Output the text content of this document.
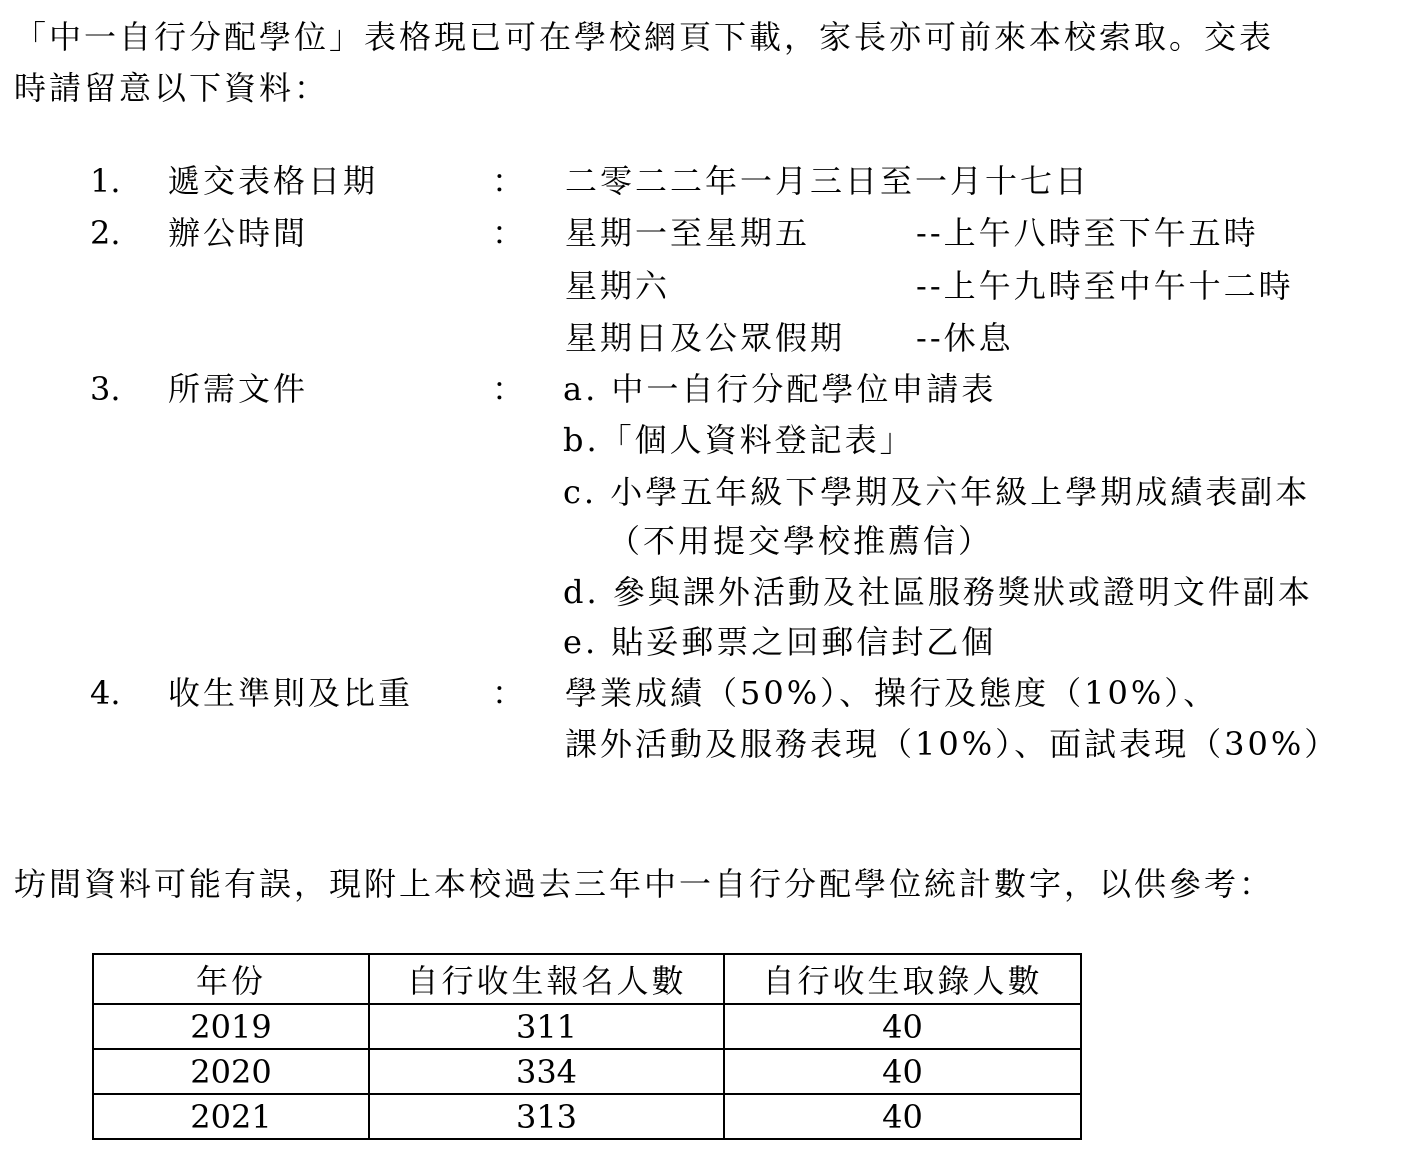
「中一自行分配學位」表格現已可在學校網頁下載，家長亦可前來本校索取。交表
時請留意以下資料：
1. 遞交表格日期	： 二零二二年一月三日至一月十七日
2. 辦公時間	： 星期一至星期五	--上午八時至下午五時
星期六	--上午九時至中午十二時
星期日及公眾假期 --休息
3. 所需文件	： a. 中一自行分配學位申請表
b.「個人資料登記表」
c. 小學五年級下學期及六年級上學期成績表副本
（不用提交學校推薦信）
d. 參與課外活動及社區服務獎狀或證明文件副本
e. 貼妥郵票之回郵信封乙個
4. 收生準則及比重 ： 學業成績（50%）、操行及態度（10%）、
課外活動及服務表現（10%）、面試表現（30%）
坊間資料可能有誤，現附上本校過去三年中一自行分配學位統計數字，以供參考：
年份	自行收生報名人數	自行收生取錄人數
2019	311	40
2020	334	40
2021	313	40
